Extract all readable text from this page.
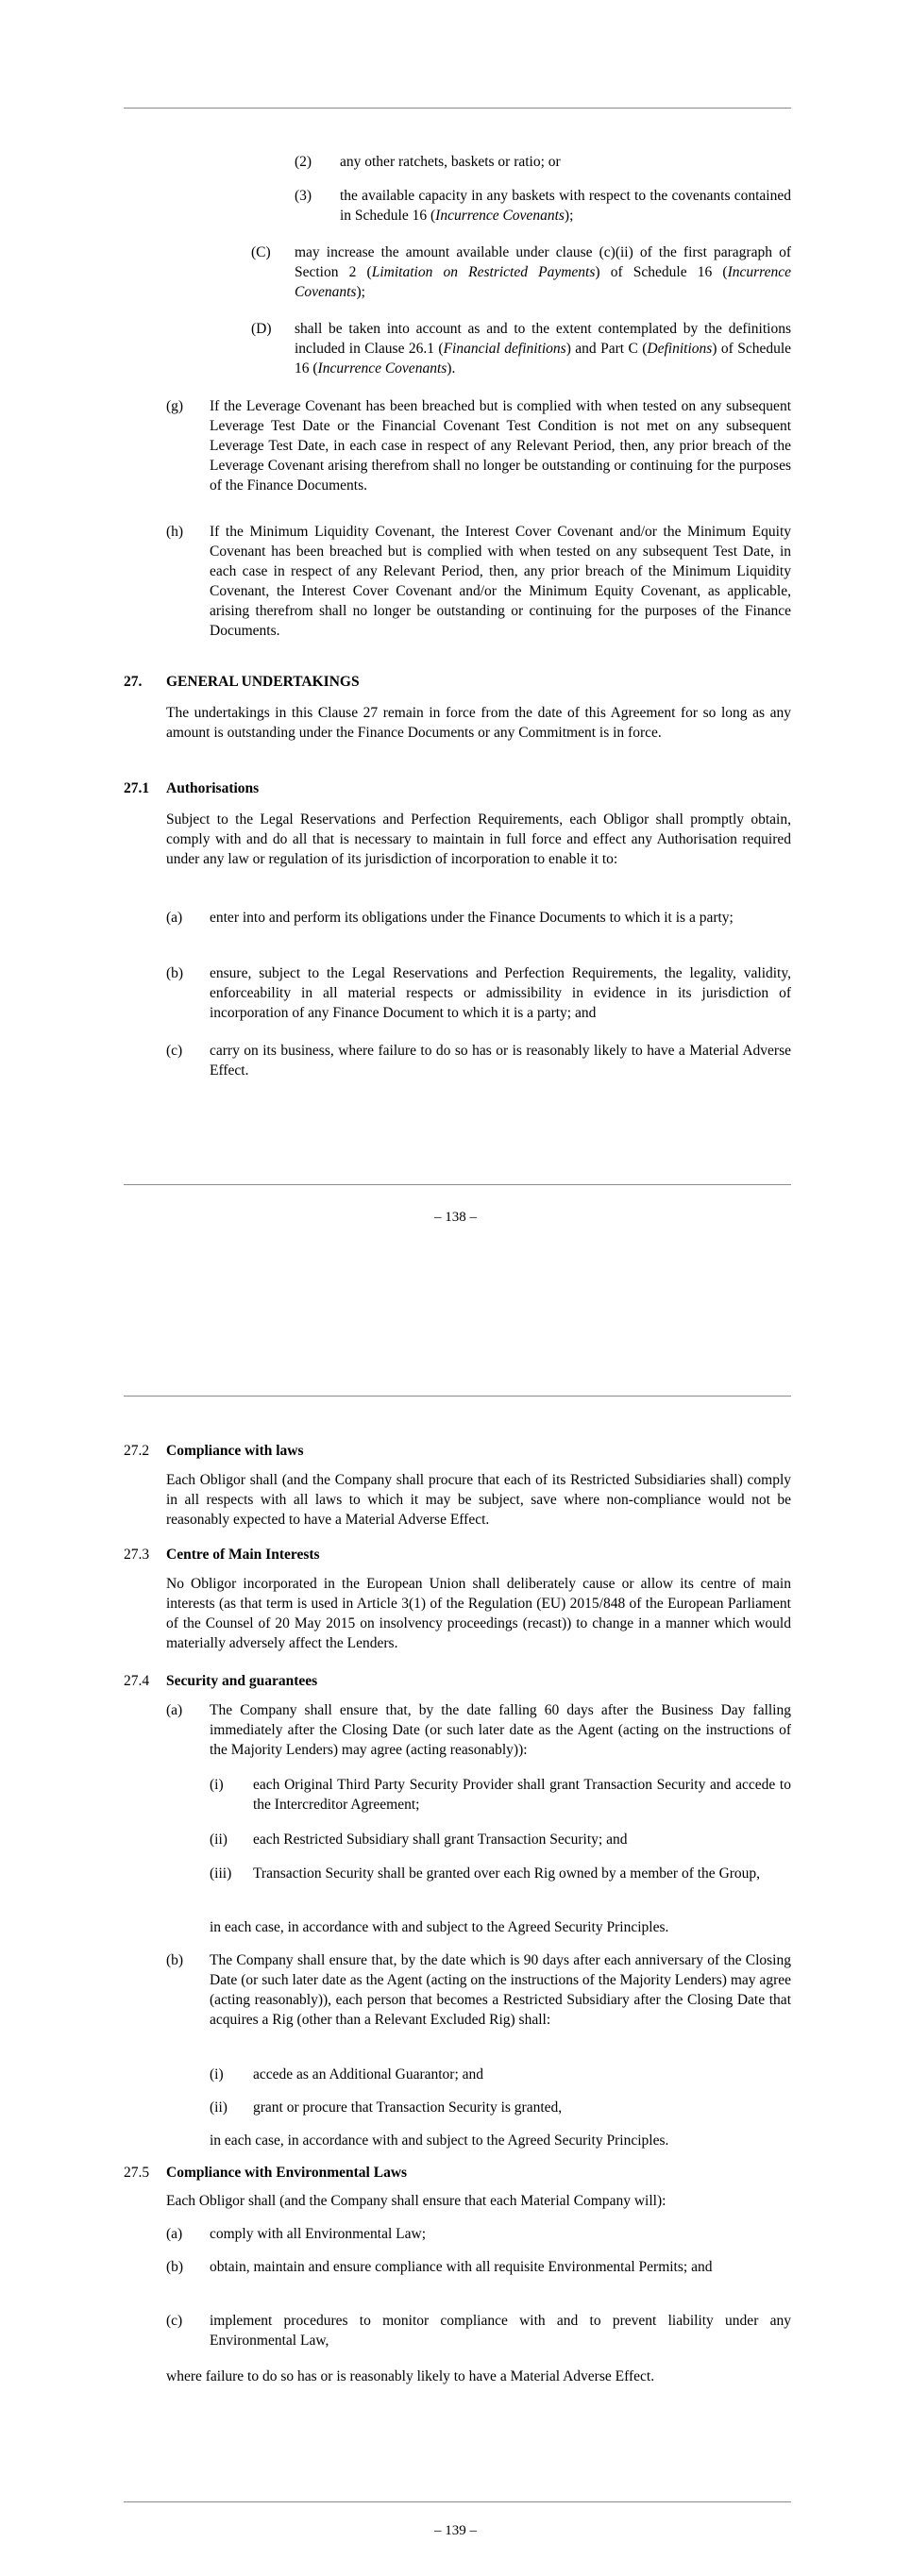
(2) any other ratchets, baskets or ratio; or
(3) the available capacity in any baskets with respect to the covenants contained in Schedule 16 (Incurrence Covenants);
(C) may increase the amount available under clause (c)(ii) of the first paragraph of Section 2 (Limitation on Restricted Payments) of Schedule 16 (Incurrence Covenants);
(D) shall be taken into account as and to the extent contemplated by the definitions included in Clause 26.1 (Financial definitions) and Part C (Definitions) of Schedule 16 (Incurrence Covenants).
(g) If the Leverage Covenant has been breached but is complied with when tested on any subsequent Leverage Test Date or the Financial Covenant Test Condition is not met on any subsequent Leverage Test Date, in each case in respect of any Relevant Period, then, any prior breach of the Leverage Covenant arising therefrom shall no longer be outstanding or continuing for the purposes of the Finance Documents.
(h) If the Minimum Liquidity Covenant, the Interest Cover Covenant and/or the Minimum Equity Covenant has been breached but is complied with when tested on any subsequent Test Date, in each case in respect of any Relevant Period, then, any prior breach of the Minimum Liquidity Covenant, the Interest Cover Covenant and/or the Minimum Equity Covenant, as applicable, arising therefrom shall no longer be outstanding or continuing for the purposes of the Finance Documents.
27. GENERAL UNDERTAKINGS
The undertakings in this Clause 27 remain in force from the date of this Agreement for so long as any amount is outstanding under the Finance Documents or any Commitment is in force.
27.1 Authorisations
Subject to the Legal Reservations and Perfection Requirements, each Obligor shall promptly obtain, comply with and do all that is necessary to maintain in full force and effect any Authorisation required under any law or regulation of its jurisdiction of incorporation to enable it to:
(a) enter into and perform its obligations under the Finance Documents to which it is a party;
(b) ensure, subject to the Legal Reservations and Perfection Requirements, the legality, validity, enforceability in all material respects or admissibility in evidence in its jurisdiction of incorporation of any Finance Document to which it is a party; and
(c) carry on its business, where failure to do so has or is reasonably likely to have a Material Adverse Effect.
– 138 –
27.2 Compliance with laws
Each Obligor shall (and the Company shall procure that each of its Restricted Subsidiaries shall) comply in all respects with all laws to which it may be subject, save where non-compliance would not be reasonably expected to have a Material Adverse Effect.
27.3 Centre of Main Interests
No Obligor incorporated in the European Union shall deliberately cause or allow its centre of main interests (as that term is used in Article 3(1) of the Regulation (EU) 2015/848 of the European Parliament of the Counsel of 20 May 2015 on insolvency proceedings (recast)) to change in a manner which would materially adversely affect the Lenders.
27.4 Security and guarantees
(a) The Company shall ensure that, by the date falling 60 days after the Business Day falling immediately after the Closing Date (or such later date as the Agent (acting on the instructions of the Majority Lenders) may agree (acting reasonably)):
(i) each Original Third Party Security Provider shall grant Transaction Security and accede to the Intercreditor Agreement;
(ii) each Restricted Subsidiary shall grant Transaction Security; and
(iii) Transaction Security shall be granted over each Rig owned by a member of the Group,
in each case, in accordance with and subject to the Agreed Security Principles.
(b) The Company shall ensure that, by the date which is 90 days after each anniversary of the Closing Date (or such later date as the Agent (acting on the instructions of the Majority Lenders) may agree (acting reasonably)), each person that becomes a Restricted Subsidiary after the Closing Date that acquires a Rig (other than a Relevant Excluded Rig) shall:
(i) accede as an Additional Guarantor; and
(ii) grant or procure that Transaction Security is granted,
in each case, in accordance with and subject to the Agreed Security Principles.
27.5 Compliance with Environmental Laws
Each Obligor shall (and the Company shall ensure that each Material Company will):
(a) comply with all Environmental Law;
(b) obtain, maintain and ensure compliance with all requisite Environmental Permits; and
(c) implement procedures to monitor compliance with and to prevent liability under any Environmental Law,
where failure to do so has or is reasonably likely to have a Material Adverse Effect.
– 139 –
